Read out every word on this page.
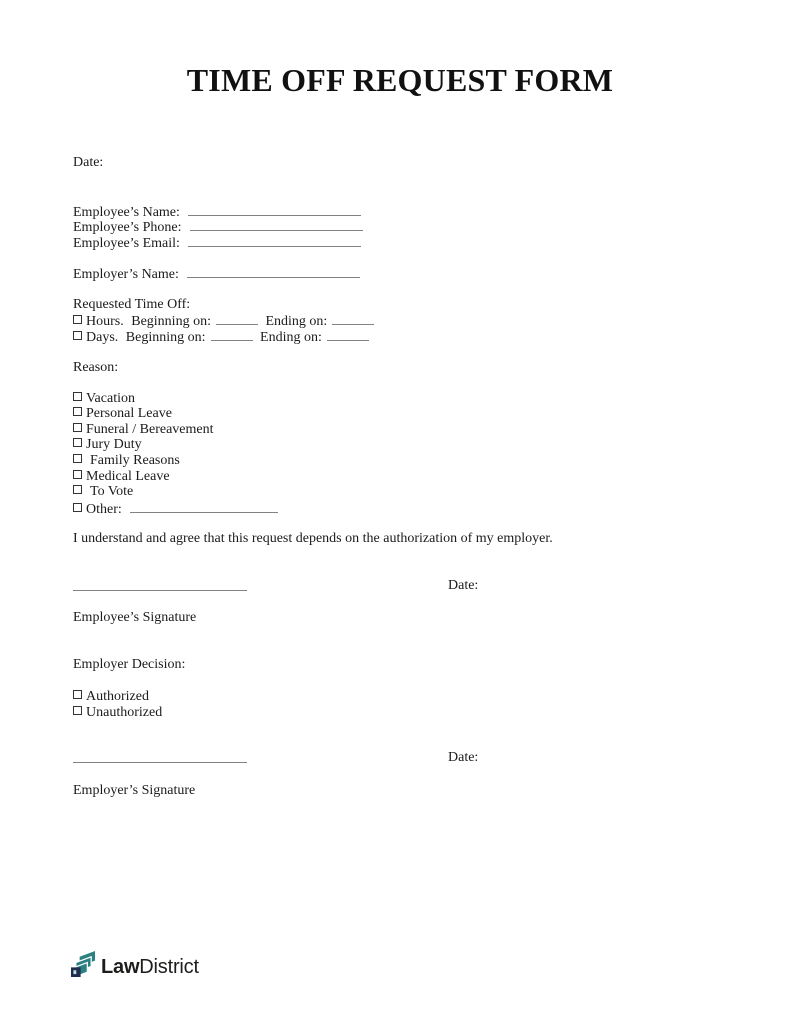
TIME OFF REQUEST FORM
Date:
Employee’s Name:
Employee’s Phone:
Employee’s Email:
Employer’s Name:
Requested Time Off:
Hours. Beginning on:	Ending on:
Days. Beginning on:	Ending on:
Reason:
Vacation
Personal Leave
Funeral / Bereavement
Jury Duty
Family Reasons
Medical Leave
To Vote
Other:
I understand and agree that this request depends on the authorization of my employer.
Date:
Employee’s Signature
Employer Decision:
Authorized
Unauthorized
Date:
Employer’s Signature
LawDistrict
